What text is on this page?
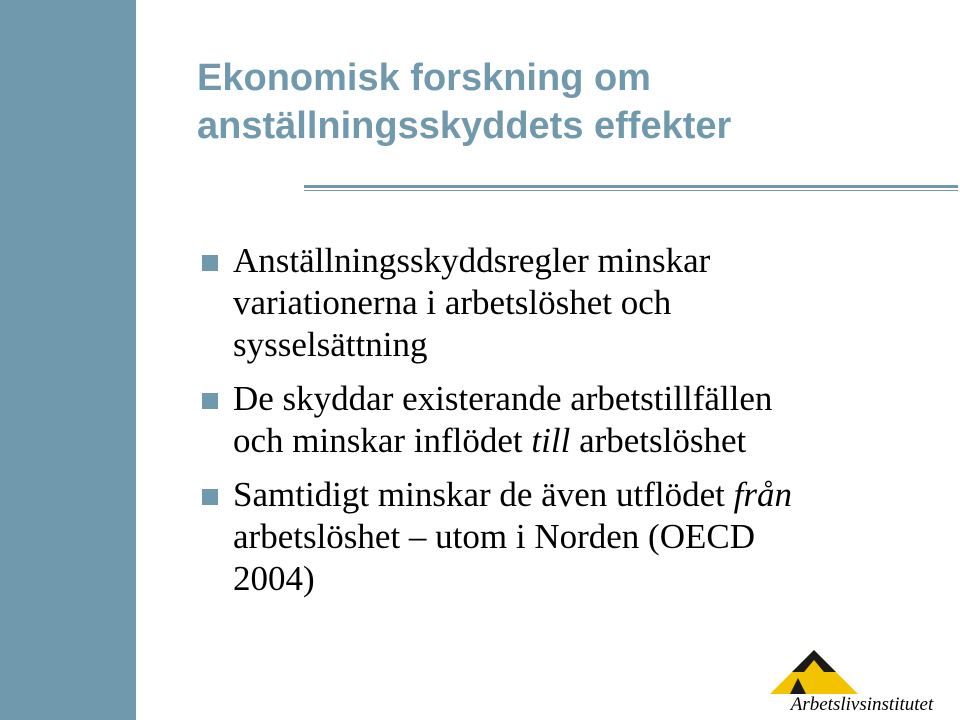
Ekonomisk forskning om
anställningsskyddets effekter
Anställningsskyddsregler minskar
variationerna i arbetslöshet och
sysselsättning
De skyddar existerande arbetstillfällen
och minskar inflödet till arbetslöshet
Samtidigt minskar de även utflödet från
arbetslöshet – utom i Norden (OECD
2004)
Arbetslivsinstitutet
